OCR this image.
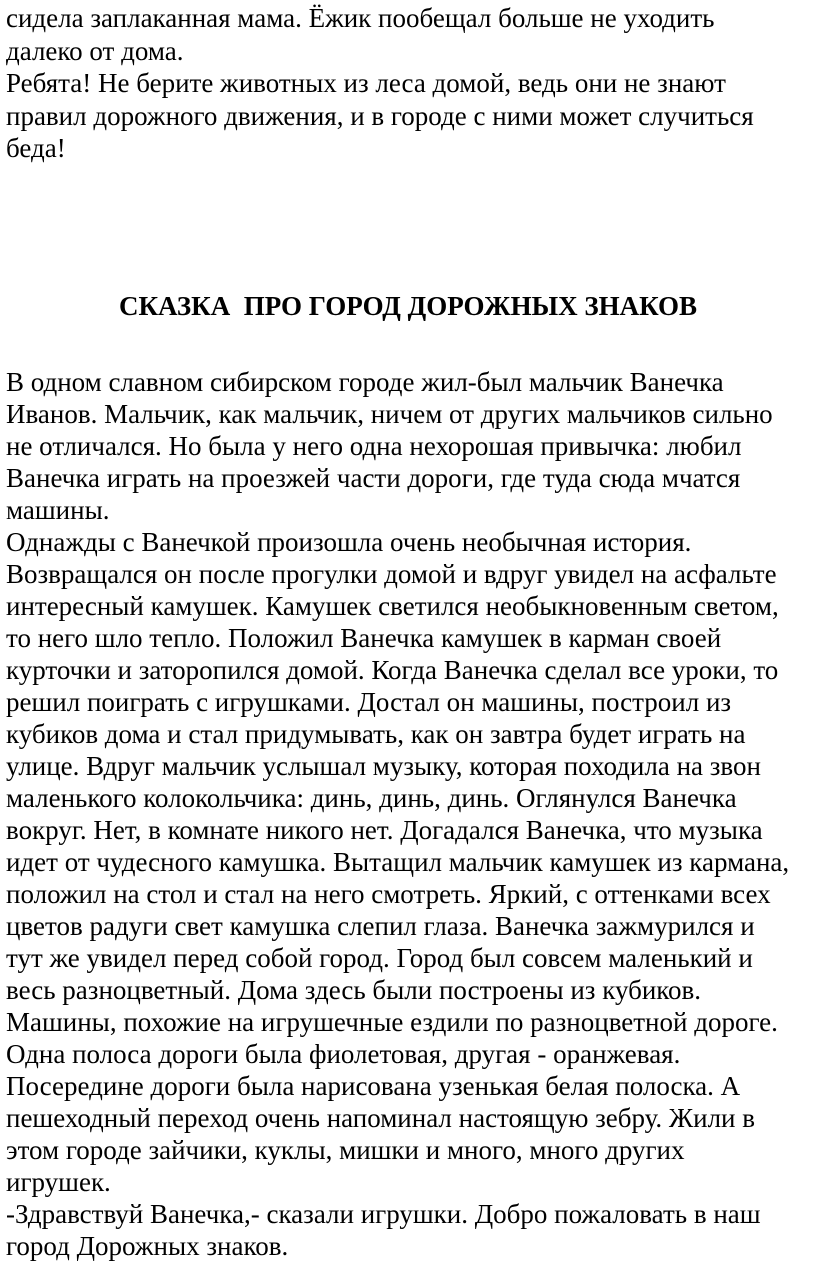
сидела заплаканная мама. Ёжик пообещал больше не уходить

далеко от дома.

Ребята! Не берите животных из леса домой, ведь они не знают

правил дорожного движения, и в городе с ними может случиться

беда!

СКАЗКА  ПРО ГОРОД ДОРОЖНЫХ ЗНАКОВ

В одном славном сибирском городе жил-был мальчик Ванечка

Иванов. Мальчик, как мальчик, ничем от других мальчиков сильно

не отличался. Но была у него одна нехорошая привычка: любил

Ванечка играть на проезжей части дороги, где туда сюда мчатся

машины.

Однажды с Ванечкой произошла очень необычная история.

Возвращался он после прогулки домой и вдруг увидел на асфальте

интересный камушек. Камушек светился необыкновенным светом,

то него шло тепло. Положил Ванечка камушек в карман своей

курточки и заторопился домой. Когда Ванечка сделал все уроки, то

решил поиграть с игрушками. Достал он машины, построил из

кубиков дома и стал придумывать, как он завтра будет играть на

улице. Вдруг мальчик услышал музыку, которая походила на звон

маленького колокольчика: динь, динь, динь. Оглянулся Ванечка

вокруг. Нет, в комнате никого нет. Догадался Ванечка, что музыка

идет от чудесного камушка. Вытащил мальчик камушек из кармана,

положил на стол и стал на него смотреть. Яркий, с оттенками всех

цветов радуги свет камушка слепил глаза. Ванечка зажмурился и

тут же увидел перед собой город. Город был совсем маленький и

весь разноцветный. Дома здесь были построены из кубиков.

Машины, похожие на игрушечные ездили по разноцветной дороге.

Одна полоса дороги была фиолетовая, другая - оранжевая.

Посередине дороги была нарисована узенькая белая полоска. А

пешеходный переход очень напоминал настоящую зебру. Жили в

этом городе зайчики, куклы, мишки и много, много других

игрушек.

-Здравствуй Ванечка,- сказали игрушки. Добро пожаловать в наш

город Дорожных знаков.
